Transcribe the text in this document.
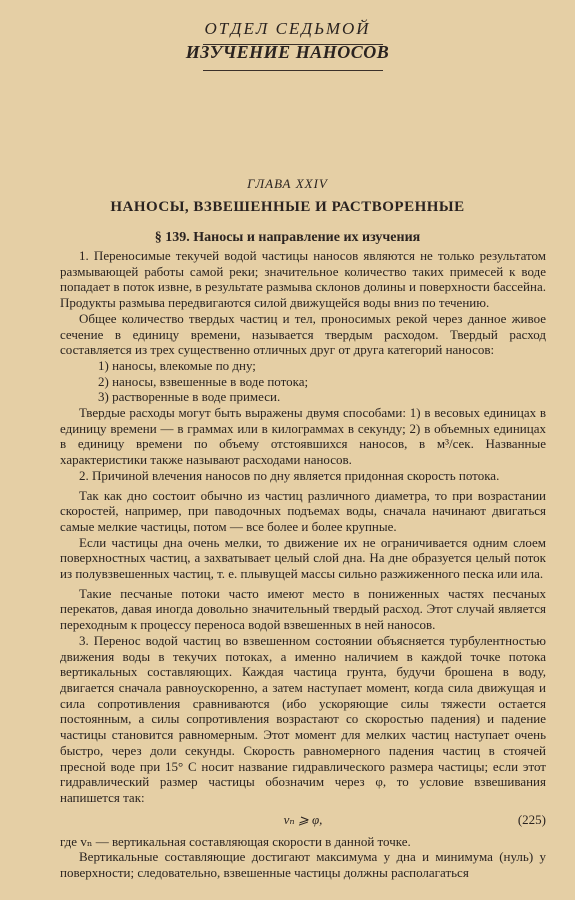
ОТДЕЛ СЕДЬМОЙ
ИЗУЧЕНИЕ НАНОСОВ
ГЛАВА XXIV
НАНОСЫ, ВЗВЕШЕННЫЕ И РАСТВОРЕННЫЕ
§ 139. Наносы и направление их изучения

1. Переносимые текучей водой частицы наносов являются не только результатом размывающей работы самой реки; значительное количество таких примесей к воде попадает в поток извне, в результате размыва склонов долины и поверхности бассейна. Продукты размыва передвигаются силой движущейся воды вниз по течению.

Общее количество твердых частиц и тел, проносимых рекой через данное живое сечение в единицу времени, называется твердым расходом. Твердый расход составляется из трех существенно отличных друг от друга категорий наносов:

1) наносы, влекомые по дну;

2) наносы, взвешенные в воде потока;

3) растворенные в воде примеси.

Твердые расходы могут быть выражены двумя способами: 1) в весовых единицах в единицу времени — в граммах или в килограммах в секунду; 2) в объемных единицах в единицу времени по объему отстоявшихся наносов, в м³/сек. Названные характеристики также называют расходами наносов.

2. Причиной влечения наносов по дну является придонная скорость потока.

Так как дно состоит обычно из частиц различного диаметра, то при возрастании скоростей, например, при паводочных подъемах воды, сначала начинают двигаться самые мелкие частицы, потом — все более и более крупные.

Если частицы дна очень мелки, то движение их не ограничивается одним слоем поверхностных частиц, а захватывает целый слой дна. На дне образуется целый поток из полувзвешенных частиц, т. е. плывущей массы сильно разжиженного песка или ила.

Такие песчаные потоки часто имеют место в пониженных частях песчаных перекатов, давая иногда довольно значительный твердый расход. Этот случай является переходным к процессу переноса водой взвешенных в ней наносов.

3. Перенос водой частиц во взвешенном состоянии объясняется турбулентностью движения воды в текучих потоках, а именно наличием в каждой точке потока вертикальных составляющих. Каждая частица грунта, будучи брошена в воду, двигается сначала равноускоренно, а затем наступает момент, когда сила движущая и сила сопротивления сравниваются (ибо ускоряющие силы тяжести остается постоянным, а силы сопротивления возрастают со скоростью падения) и падение частицы становится равномерным. Этот момент для мелких частиц наступает очень быстро, через доли секунды. Скорость равномерного падения частиц в стоячей пресной воде при 15° C носит название гидравлического размера частицы; если этот гидравлический размер частицы обозначим через φ, то условие взвешивания напишется так:

vₙ ⩾ φ,	(225)

где vₙ — вертикальная составляющая скорости в данной точке.

Вертикальные составляющие достигают максимума у дна и минимума (нуль) у поверхности; следовательно, взвешенные частицы должны располагаться
